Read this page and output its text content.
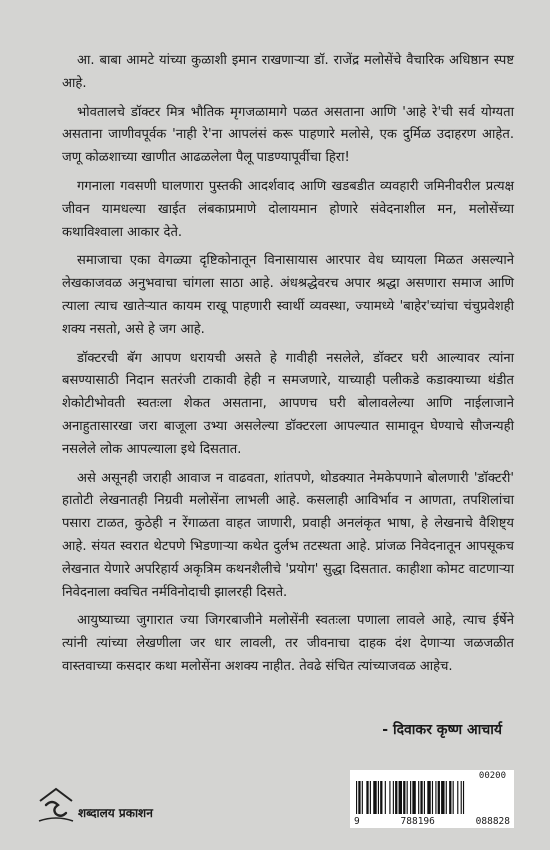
आ. बाबा आमटे यांच्या कुळाशी इमान राखणाऱ्या डॉ. राजेंद्र मलोसेंचे वैचारिक अधिष्ठान स्पष्ट आहे.

भोवतालचे डॉक्टर मित्र भौतिक मृगजळामागे पळत असताना आणि 'आहे रे'ची सर्व योग्यता असताना जाणीवपूर्वक 'नाही रे'ना आपलंसं करू पाहणारे मलोसे, एक दुर्मिळ उदाहरण आहेत. जणू कोळशाच्या खाणीत आढळलेला पैलू पाडण्यापूर्वीचा हिरा!

गगनाला गवसणी घालणारा पुस्तकी आदर्शवाद आणि खडबडीत व्यवहारी जमिनीवरील प्रत्यक्ष जीवन यामधल्या खाईत लंबकाप्रमाणे दोलायमान होणारे संवेदनाशील मन, मलोसेंच्या कथाविश्वाला आकार देते.

समाजाचा एका वेगळ्या दृष्टिकोनातून विनासायास आरपार वेध घ्यायला मिळत असल्याने लेखकाजवळ अनुभवाचा चांगला साठा आहे. अंधश्रद्धेवरच अपार श्रद्धा असणारा समाज आणि त्याला त्याच खातेऱ्यात कायम राखू पाहणारी स्वार्थी व्यवस्था, ज्यामध्ये 'बाहेर'च्यांचा चंचुप्रवेशही शक्य नसतो, असे हे जग आहे.

डॉक्टरची बॅग आपण धरायची असते हे गावीही नसलेले, डॉक्टर घरी आल्यावर त्यांना बसण्यासाठी निदान सतरंजी टाकावी हेही न समजणारे, याच्याही पलीकडे कडाक्याच्या थंडीत शेकोटीभोवती स्वतःला शेकत असताना, आपणच घरी बोलावलेल्या आणि नाईलाजाने अनाहुतासारखा जरा बाजूला उभ्या असलेल्या डॉक्टरला आपल्यात सामावून घेण्याचे सौजन्यही नसलेले लोक आपल्याला इथे दिसतात.

असे असूनही जराही आवाज न वाढवता, शांतपणे, थोडक्यात नेमकेपणाने बोलणारी 'डॉक्टरी' हातोटी लेखनातही निग्रवी मलोसेंना लाभली आहे. कसलाही आविर्भाव न आणता, तपशिलांचा पसारा टाळत, कुठेही न रेंगाळता वाहत जाणारी, प्रवाही अनलंकृत भाषा, हे लेखनाचे वैशिष्ट्य आहे. संयत स्वरात थेटपणे भिडणाऱ्या कथेत दुर्लभ तटस्थता आहे. प्रांजळ निवेदनातून आपसूकच लेखनात येणारे अपरिहार्य अकृत्रिम कथनशैलीचे 'प्रयोग' सुद्धा दिसतात. काहीशा कोमट वाटणाऱ्या निवेदनाला क्वचित नर्मविनोदाची झालरही दिसते.

आयुष्याच्या जुगारात ज्या जिगरबाजीने मलोसेंनी स्वतःला पणाला लावले आहे, त्याच ईर्षेने त्यांनी त्यांच्या लेखणीला जर धार लावली, तर जीवनाचा दाहक दंश देणाऱ्या जळजळीत वास्तवाच्या कसदार कथा मलोसेंना अशक्य नाहीत. तेवढे संचित त्यांच्याजवळ आहेच.

- दिवाकर कृष्ण आचार्य
शब्दालय प्रकाशन
00200
9	788196	088828
